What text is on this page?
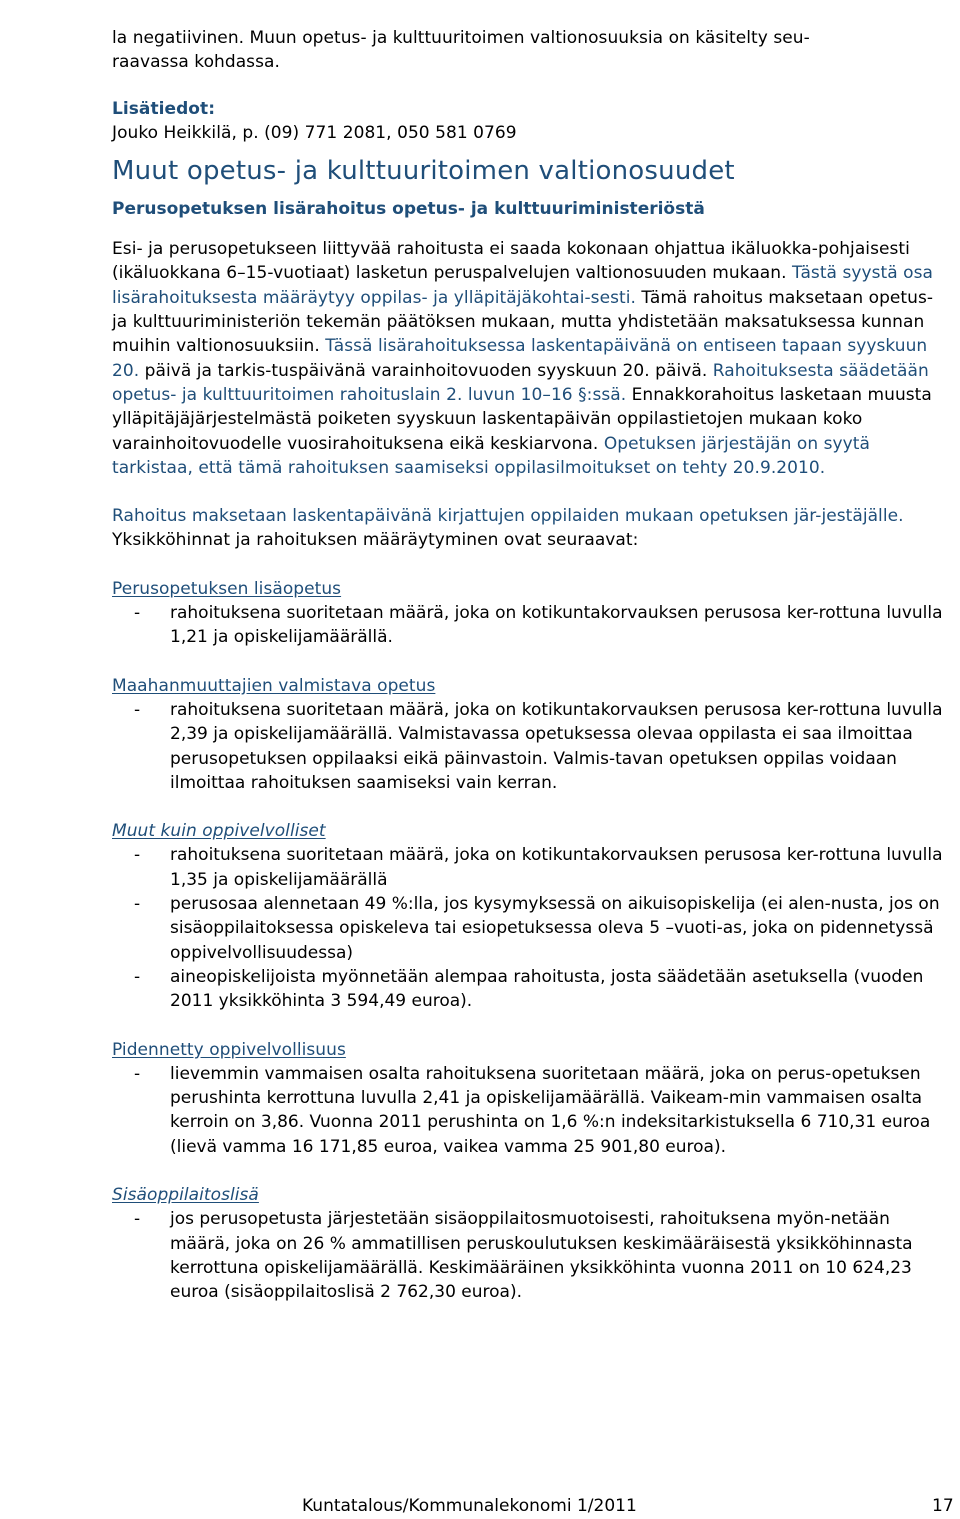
la negatiivinen. Muun opetus- ja kulttuuritoimen valtionosuuksia on käsitelty seu-
raavassa kohdassa.

Lisätiedot:

Jouko Heikkilä, p. (09) 771 2081, 050 581 0769

Muut opetus- ja kulttuuritoimen valtionosuudet
Perusopetuksen lisärahoitus opetus- ja kulttuuriministeriöstä

Esi- ja perusopetukseen liittyvää rahoitusta ei saada kokonaan ohjattua ikäluokka-pohjaisesti (ikäluokkana 6–15-vuotiaat) lasketun peruspalvelujen valtionosuuden mukaan. Tästä syystä osa lisärahoituksesta määräytyy oppilas- ja ylläpitäjäkohtai-sesti. Tämä rahoitus maksetaan opetus- ja kulttuuriministeriön tekemän päätöksen mukaan, mutta yhdistetään maksatuksessa kunnan muihin valtionosuuksiin. Tässä lisärahoituksessa laskentapäivänä on entiseen tapaan syyskuun 20. päivä ja tarkis-tuspäivänä varainhoitovuoden syyskuun 20. päivä. Rahoituksesta säädetään opetus- ja kulttuuritoimen rahoituslain 2. luvun 10–16 §:ssä. Ennakkorahoitus lasketaan muusta ylläpitäjäjärjestelmästä poiketen syyskuun laskentapäivän oppilastietojen mukaan koko varainhoitovuodelle vuosirahoituksena eikä keskiarvona. Opetuksen järjestäjän on syytä tarkistaa, että tämä rahoituksen saamiseksi oppilasilmoitukset on tehty 20.9.2010.

Rahoitus maksetaan laskentapäivänä kirjattujen oppilaiden mukaan opetuksen jär-jestäjälle. Yksikköhinnat ja rahoituksen määräytyminen ovat seuraavat:

Perusopetuksen lisäopetus

- rahoituksena suoritetaan määrä, joka on kotikuntakorvauksen perusosa ker-rottuna luvulla 1,21 ja opiskelijamäärällä.

Maahanmuuttajien valmistava opetus

- rahoituksena suoritetaan määrä, joka on kotikuntakorvauksen perusosa ker-rottuna luvulla 2,39 ja opiskelijamäärällä. Valmistavassa opetuksessa olevaa oppilasta ei saa ilmoittaa perusopetuksen oppilaaksi eikä päinvastoin. Valmis-tavan opetuksen oppilas voidaan ilmoittaa rahoituksen saamiseksi vain kerran.

Muut kuin oppivelvolliset

- rahoituksena suoritetaan määrä, joka on kotikuntakorvauksen perusosa ker-rottuna luvulla 1,35 ja opiskelijamäärällä
- perusosaa alennetaan 49 %:lla, jos kysymyksessä on aikuisopiskelija (ei alen-nusta, jos on sisäoppilaitoksessa opiskeleva tai esiopetuksessa oleva 5 –vuoti-as, joka on pidennetyssä oppivelvollisuudessa)
- aineopiskelijoista myönnetään alempaa rahoitusta, josta säädetään asetuksella (vuoden 2011 yksikköhinta 3 594,49 euroa).

Pidennetty oppivelvollisuus

- lievemmin vammaisen osalta rahoituksena suoritetaan määrä, joka on perus-opetuksen perushinta kerrottuna luvulla 2,41 ja opiskelijamäärällä. Vaikeam-min vammaisen osalta kerroin on 3,86. Vuonna 2011 perushinta on 1,6 %:n indeksitarkistuksella 6 710,31 euroa (lievä vamma 16 171,85 euroa, vaikea vamma 25 901,80 euroa).

Sisäoppilaitoslisä

- jos perusopetusta järjestetään sisäoppilaitosmuotoisesti, rahoituksena myön-netään määrä, joka on 26 % ammatillisen peruskoulutuksen keskimääräisestä yksikköhinnasta kerrottuna opiskelijamäärällä. Keskimääräinen yksikköhinta vuonna 2011 on 10 624,23 euroa (sisäoppilaitoslisä 2 762,30 euroa).
Kuntatalous/Kommunalekonomi 1/2011	17
